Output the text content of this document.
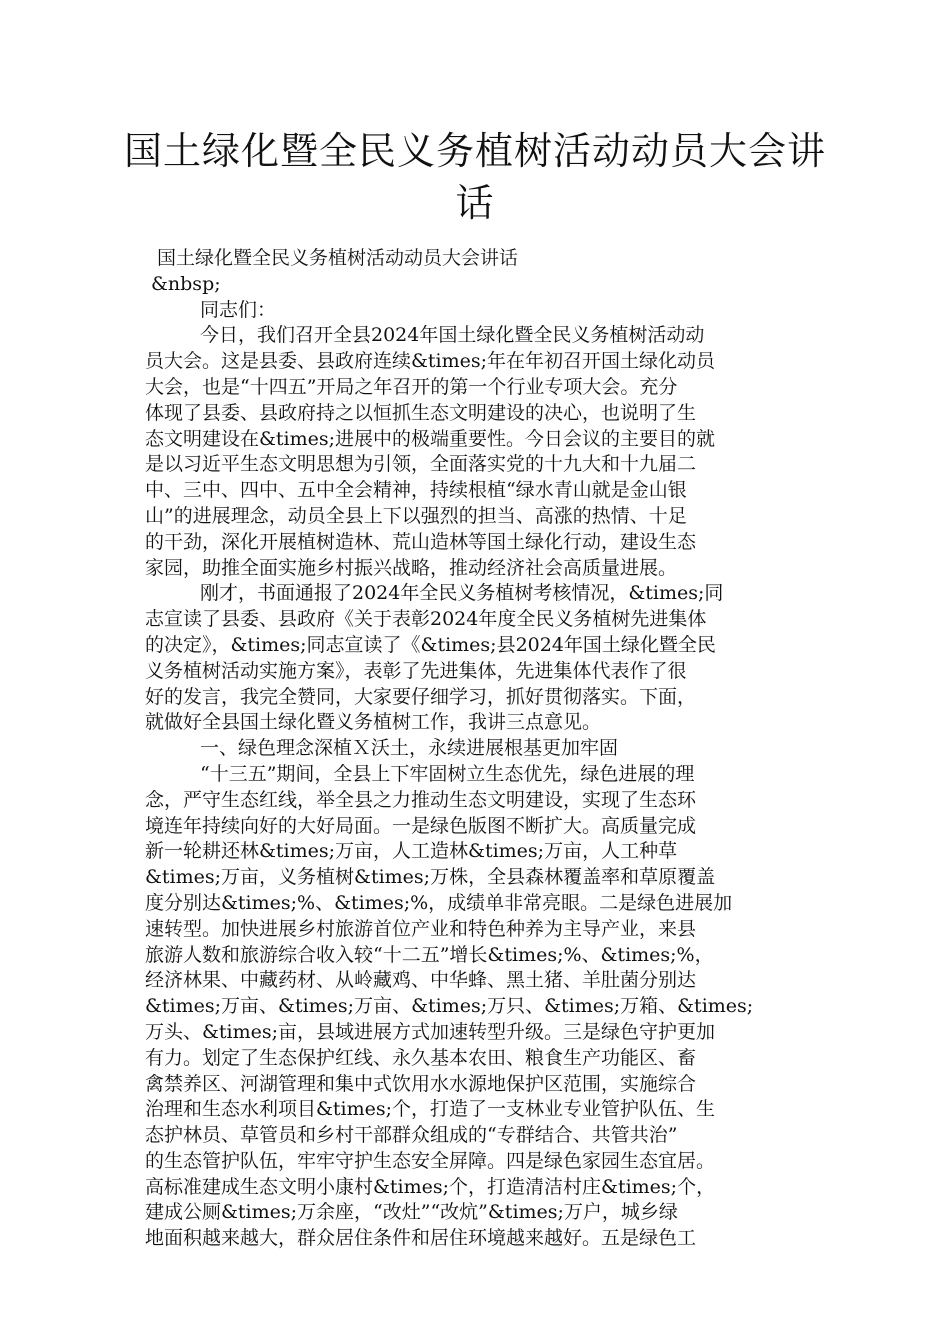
国土绿化暨全民义务植树活动动员大会讲
话
国土绿化暨全民义务植树活动动员大会讲话
&nbsp;
同志们：
今日，我们召开全县2024年国土绿化暨全民义务植树活动动
员大会。这是县委、县政府连续&times;年在年初召开国土绿化动员
大会，也是“十四五”开局之年召开的第一个行业专项大会。充分
体现了县委、县政府持之以恒抓生态文明建设的决心，也说明了生
态文明建设在&times;进展中的极端重要性。今日会议的主要目的就
是以习近平生态文明思想为引领，全面落实党的十九大和十九届二
中、三中、四中、五中全会精神，持续根植“绿水青山就是金山银
山”的进展理念，动员全县上下以强烈的担当、高涨的热情、十足
的干劲，深化开展植树造林、荒山造林等国土绿化行动，建设生态
家园，助推全面实施乡村振兴战略，推动经济社会高质量进展。
刚才，书面通报了2024年全民义务植树考核情况，&times;同
志宣读了县委、县政府《关于表彰2024年度全民义务植树先进集体
的决定》，&times;同志宣读了《&times;县2024年国土绿化暨全民
义务植树活动实施方案》，表彰了先进集体，先进集体代表作了很
好的发言，我完全赞同，大家要仔细学习，抓好贯彻落实。下面，
就做好全县国土绿化暨义务植树工作，我讲三点意见。
一、绿色理念深植Ｘ沃土，永续进展根基更加牢固
“十三五”期间，全县上下牢固树立生态优先，绿色进展的理
念，严守生态红线，举全县之力推动生态文明建设，实现了生态环
境连年持续向好的大好局面。一是绿色版图不断扩大。高质量完成
新一轮耕还林&times;万亩，人工造林&times;万亩，人工种草
&times;万亩，义务植树&times;万株，全县森林覆盖率和草原覆盖
度分别达&times;%、&times;%，成绩单非常亮眼。二是绿色进展加
速转型。加快进展乡村旅游首位产业和特色种养为主导产业，来县
旅游人数和旅游综合收入较“十二五”增长&times;%、&times;%，
经济林果、中藏药材、从岭藏鸡、中华蜂、黑土猪、羊肚菌分别达
&times;万亩、&times;万亩、&times;万只、&times;万箱、&times;
万头、&times;亩，县域进展方式加速转型升级。三是绿色守护更加
有力。划定了生态保护红线、永久基本农田、粮食生产功能区、畜
禽禁养区、河湖管理和集中式饮用水水源地保护区范围，实施综合
治理和生态水利项目&times;个，打造了一支林业专业管护队伍、生
态护林员、草管员和乡村干部群众组成的“专群结合、共管共治”
的生态管护队伍，牢牢守护生态安全屏障。四是绿色家园生态宜居。
高标准建成生态文明小康村&times;个，打造清洁村庄&times;个，
建成公厕&times;万余座，“改灶”“改炕”&times;万户，城乡绿
地面积越来越大，群众居住条件和居住环境越来越好。五是绿色工
